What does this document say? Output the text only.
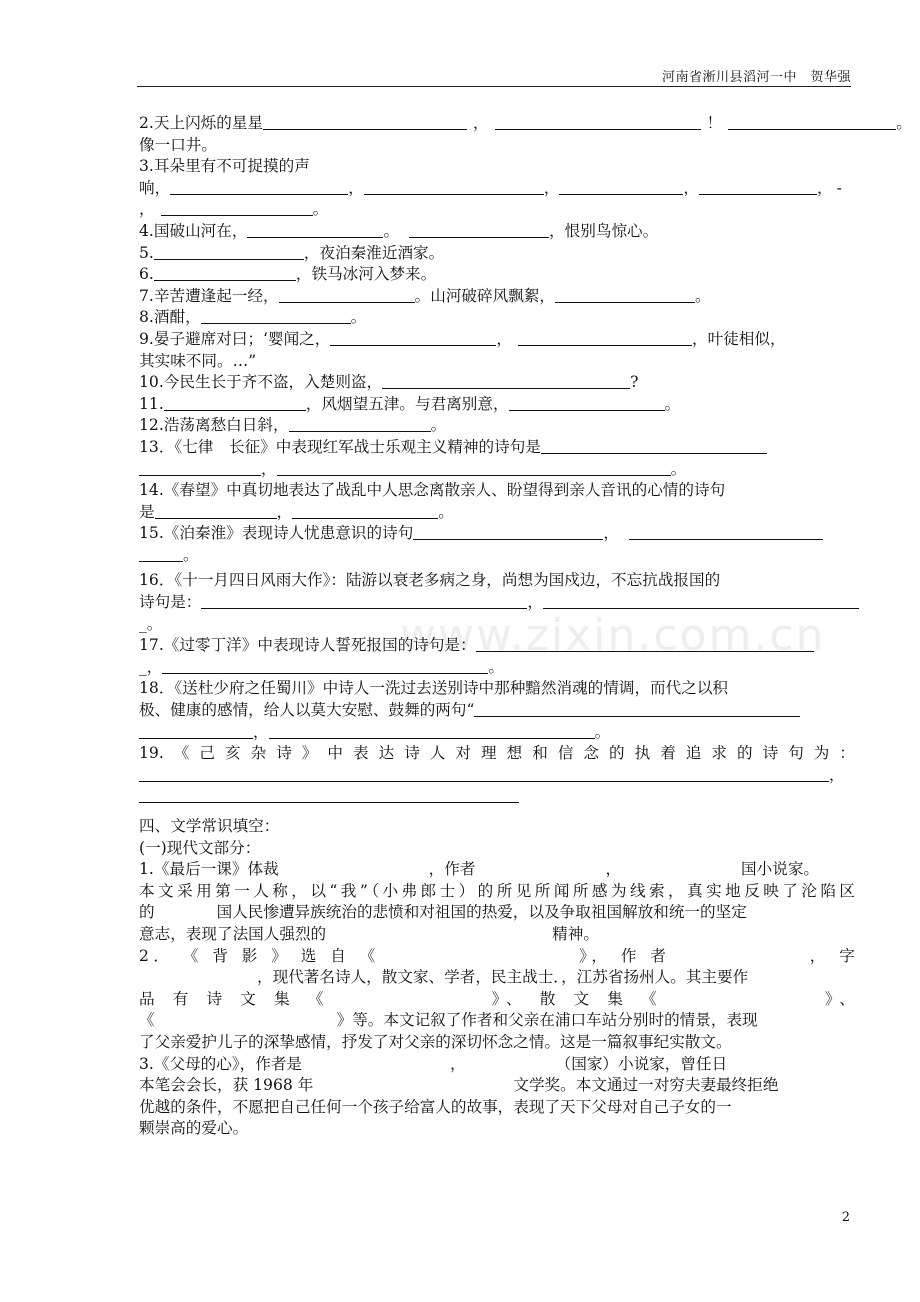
河南省淅川县滔河一中　贺华强
www.zixin.com.cn
2.天上闪烁的星星	，	！	。
像一口井。
3.耳朵里有不可捉摸的声
响，	，	，	，	， -
，	。
4.国破山河在，	。	，恨别鸟惊心。
5.	，夜泊秦淮近酒家。
6.	，铁马冰河入梦来。
7.辛苦遭逢起一经，	。山河破碎风飘絮，	。
8.酒酣，	。
9.晏子避席对曰；‘婴闻之，	，	，叶徒相似，
其实味不同。…”
10.今民生长于齐不盗，入楚则盗，	?
11.	，风烟望五津。与君离别意，	。
12.浩荡离愁白日斜，	。
13．《七律　长征》中表现红军战士乐观主义精神的诗句是
，	。
14.《春望》中真切地表达了战乱中人思念离散亲人、盼望得到亲人音讯的心情的诗句
是	，	。
15.《泊秦淮》表现诗人忧患意识的诗句	，
。
16．《十一月四日风雨大作》：陆游以衰老多病之身，尚想为国戍边，不忘抗战报国的
诗句是：	，
_。
17.《过零丁洋》中表现诗人誓死报国的诗句是：
_，	。
18．《送杜少府之任蜀川》中诗人一洗过去送别诗中那种黯然消魂的情调，而代之以积
极、健康的感情，给人以莫大安慰、鼓舞的两句“
，	。
19.《己亥杂诗》中表达诗人对理想和信念的执着追求的诗句为：
，
四、文学常识填空：
(一)现代文部分：
1.《最后一课》体裁	，作者	，	国小说家。
本文采用第一人称，以“我”（小弗郎士）的所见所闻所感为线索，真实地反映了沦陷区
的	国人民惨遭异族统治的悲愤和对祖国的热爱，以及争取祖国解放和统一的坚定
意志，表现了法国人强烈的	精神。
2． 《 背 影 》 选 自 《	》， 作 者	， 字
，现代著名诗人，散文家、学者，民主战士．，江苏省扬州人。其主要作
品 有 诗 文 集 《	》、 散 文 集 《	》、
《	》等。本文记叙了作者和父亲在浦口车站分别时的情景，表现
了父亲爱护儿子的深挚感情，抒发了对父亲的深切怀念之情。这是一篇叙事纪实散文。
3.《父母的心》，作者是	，	（国家）小说家，曾任日
本笔会会长，获 1968 年	文学奖。本文通过一对穷夫妻最终拒绝
优越的条件，不愿把自己任何一个孩子给富人的故事，表现了天下父母对自己子女的一
颗崇高的爱心。
2
